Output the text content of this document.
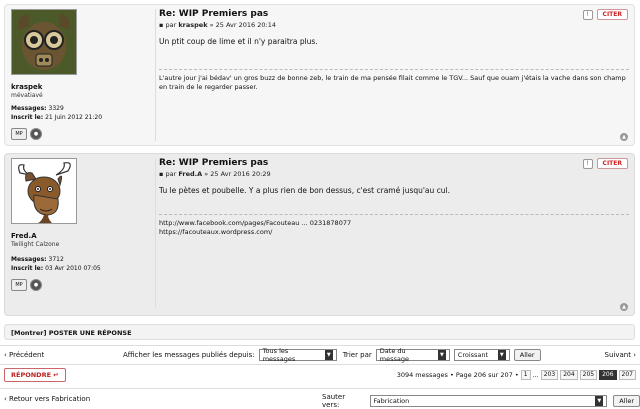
kraspek
mévatiavé
Messages: 3329
Inscrit le: 21 Juin 2012 21:20
MP	●
Re: WIP Premiers pas
▪ par kraspek » 25 Avr 2016 20:14
Un ptit coup de lime et il n'y paraitra plus.
L'autre jour j'ai bédav' un gros buzz de bonne zeb, le train de ma pensée filait comme le TGV... Sauf que ouam j'étais la vache dans son champ en train de le regarder passer.
!	CITER
▲
Fred.A
Twilight Calzone
Messages: 3712
Inscrit le: 03 Avr 2010 07:05
MP	●
Re: WIP Premiers pas
▪ par Fred.A » 25 Avr 2016 20:29
Tu le pètes et poubelle. Y a plus rien de bon dessus, c'est cramé jusqu'au cul.
http://www.facebook.com/pages/Facouteau ... 0231878077
https://facouteaux.wordpress.com/
!	CITER
▲
[Montrer] POSTER UNE RÉPONSE
‹ Précédent	Afficher les messages publiés depuis: Tous les messages	▼ Trier par Date du message	▼ Croissant	▼	Aller	Suivant ›
RÉPONDRE ↵	3094 messages • Page 206 sur 207 • 1 ... 203	204	205	206	207
‹ Retour vers Fabrication	Sauter vers:	Fabrication	▼	Aller
